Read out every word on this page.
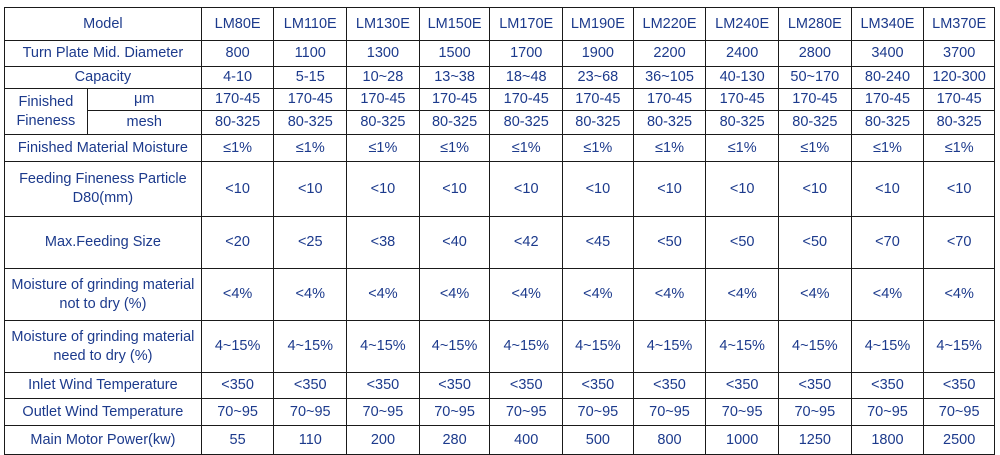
Model		LM80E	LM110E	LM130E	LM150E	LM170E	LM190E	LM220E	LM240E	LM280E	LM340E	LM370E
Turn Plate Mid. Diameter		800	1100	1300	1500	1700	1900	2200	2400	2800	3400	3700
Capacity		4-10	5-15	10~28	13~38	18~48	23~68	36~105	40-130	50~170	80-240	120-300
Finished Fineness	μm	170-45	170-45	170-45	170-45	170-45	170-45	170-45	170-45	170-45	170-45	170-45
	mesh	80-325	80-325	80-325	80-325	80-325	80-325	80-325	80-325	80-325	80-325	80-325
Finished Material Moisture		≤1%	≤1%	≤1%	≤1%	≤1%	≤1%	≤1%	≤1%	≤1%	≤1%	≤1%
Feeding Fineness Particle D80(mm)		<10	<10	<10	<10	<10	<10	<10	<10	<10	<10	<10
Max.Feeding Size		<20	<25	<38	<40	<42	<45	<50	<50	<50	<70	<70
Moisture of grinding material not to dry (%)		<4%	<4%	<4%	<4%	<4%	<4%	<4%	<4%	<4%	<4%	<4%
Moisture of grinding material need to dry (%)		4~15%	4~15%	4~15%	4~15%	4~15%	4~15%	4~15%	4~15%	4~15%	4~15%	4~15%
Inlet Wind Temperature		<350	<350	<350	<350	<350	<350	<350	<350	<350	<350	<350
Outlet Wind Temperature		70~95	70~95	70~95	70~95	70~95	70~95	70~95	70~95	70~95	70~95	70~95
Main Motor Power(kw)		55	110	200	280	400	500	800	1000	1250	1800	2500
